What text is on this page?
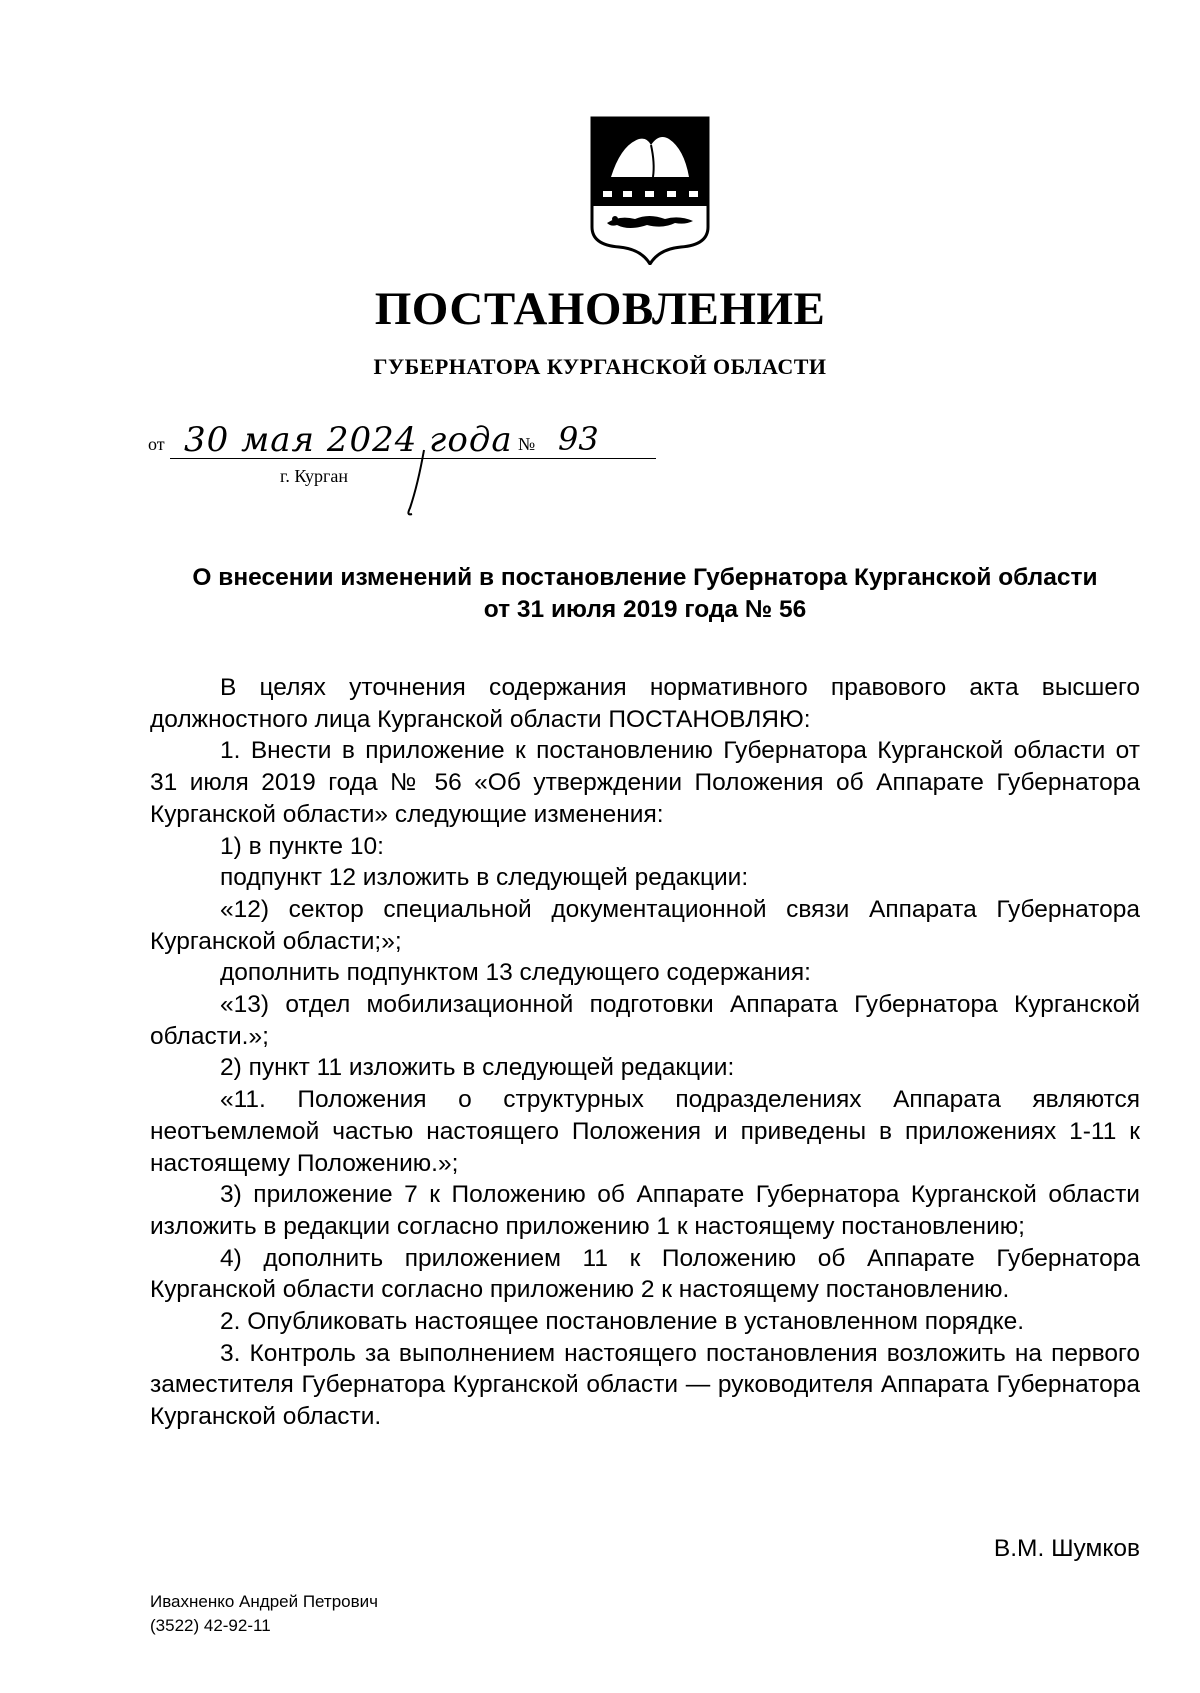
ПОСТАНОВЛЕНИЕ
ГУБЕРНАТОРА КУРГАНСКОЙ ОБЛАСТИ
от 30 мая 2024 года № 93
г. Курган
О внесении изменений в постановление Губернатора Курганской области
от 31 июля 2019 года № 56

В целях уточнения содержания нормативного правового акта высшего должностного лица Курганской области ПОСТАНОВЛЯЮ:

1. Внести в приложение к постановлению Губернатора Курганской области от 31 июля 2019 года № 56 «Об утверждении Положения об Аппарате Губернатора Курганской области» следующие изменения:

1) в пункте 10:

подпункт 12 изложить в следующей редакции:

«12) сектор специальной документационной связи Аппарата Губернатора Курганской области;»;

дополнить подпунктом 13 следующего содержания:

«13) отдел мобилизационной подготовки Аппарата Губернатора Курганской области.»;

2) пункт 11 изложить в следующей редакции:

«11. Положения о структурных подразделениях Аппарата являются неотъемлемой частью настоящего Положения и приведены в приложениях 1-11 к настоящему Положению.»;

3) приложение 7 к Положению об Аппарате Губернатора Курганской области изложить в редакции согласно приложению 1 к настоящему постановлению;

4) дополнить приложением 11 к Положению об Аппарате Губернатора Курганской области согласно приложению 2 к настоящему постановлению.

2. Опубликовать настоящее постановление в установленном порядке.

3. Контроль за выполнением настоящего постановления возложить на первого заместителя Губернатора Курганской области — руководителя Аппарата Губернатора Курганской области.

В.М. Шумков
Ивахненко Андрей Петрович
(3522) 42-92-11
